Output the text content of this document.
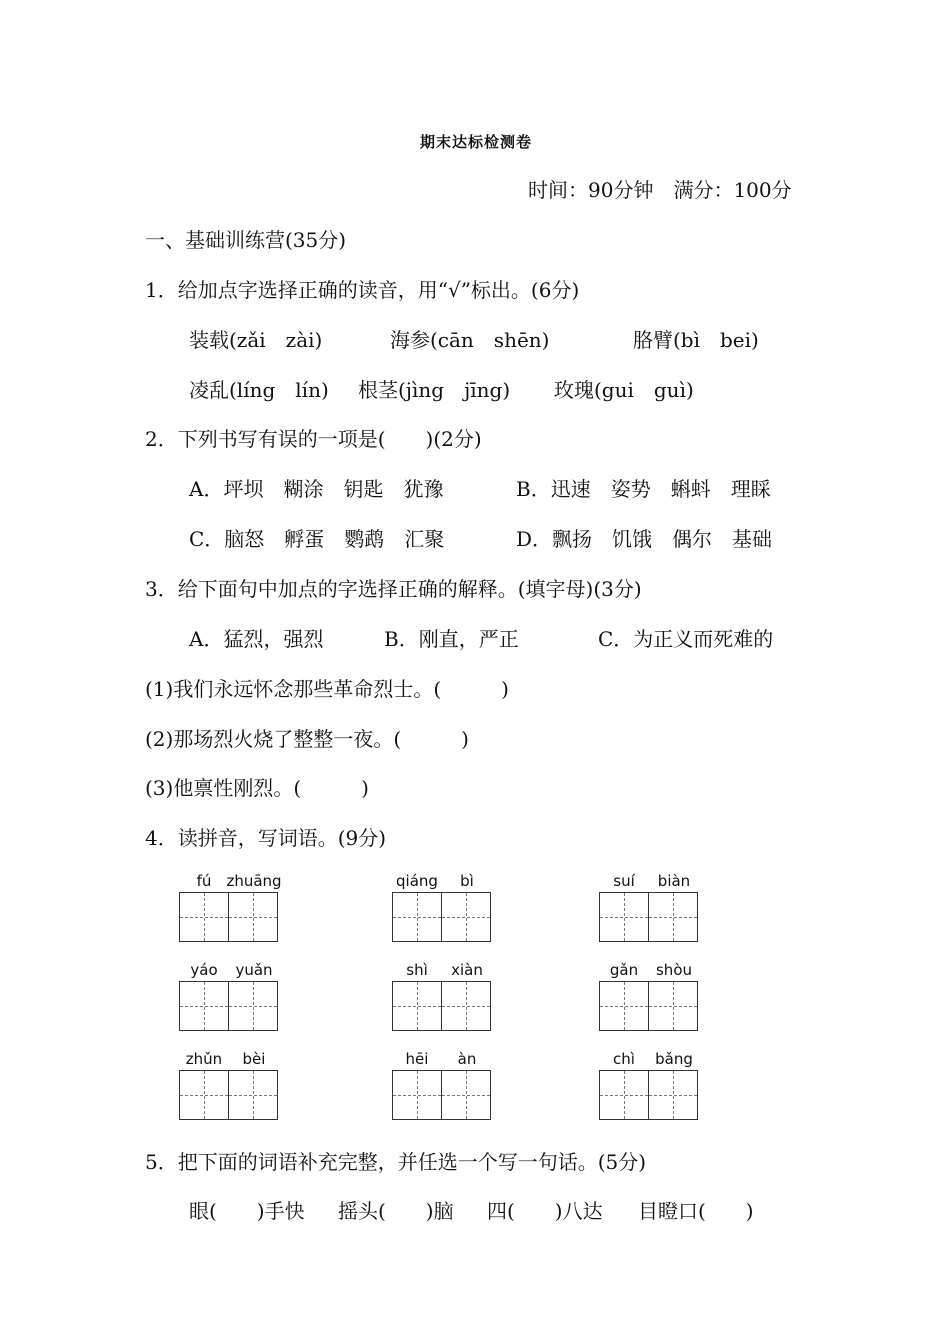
期末达标检测卷
时间：90分钟　满分：100分
一、基础训练营(35分)
1．给加点字选择正确的读音，用“√”标出。(6分)
装载(zǎi　zài)	海参(cān　shēn)	胳臂(bì　bei)
凌乱(líng　lín) 根茎(jìng　jīng) 玫瑰(gui　guì)
2．下列书写有误的一项是(　　)(2分)
A．坪坝　糊涂　钥匙　犹豫	B．迅速　姿势　蝌蚪　理睬
C．脑怒　孵蛋　鹦鹉　汇聚	D．飘扬　饥饿　偶尔　基础
3．给下面句中加点的字选择正确的解释。(填字母)(3分)
A．猛烈，强烈	B．刚直，严正	C．为正义而死难的
(1)我们永远怀念那些革命烈士。(　　　)
(2)那场烈火烧了整整一夜。(　　　)
(3)他禀性刚烈。(　　　)
4．读拼音，写词语。(9分)
fú zhuāng	qiáng bì	suí biàn
yáo yuǎn	shì xiàn	gǎn shòu
zhǔn bèi	hēi àn	chì bǎng
5．把下面的词语补充完整，并任选一个写一句话。(5分)
眼(　　)手快 摇头(　　)脑 四(　　)八达 目瞪口(　　)
